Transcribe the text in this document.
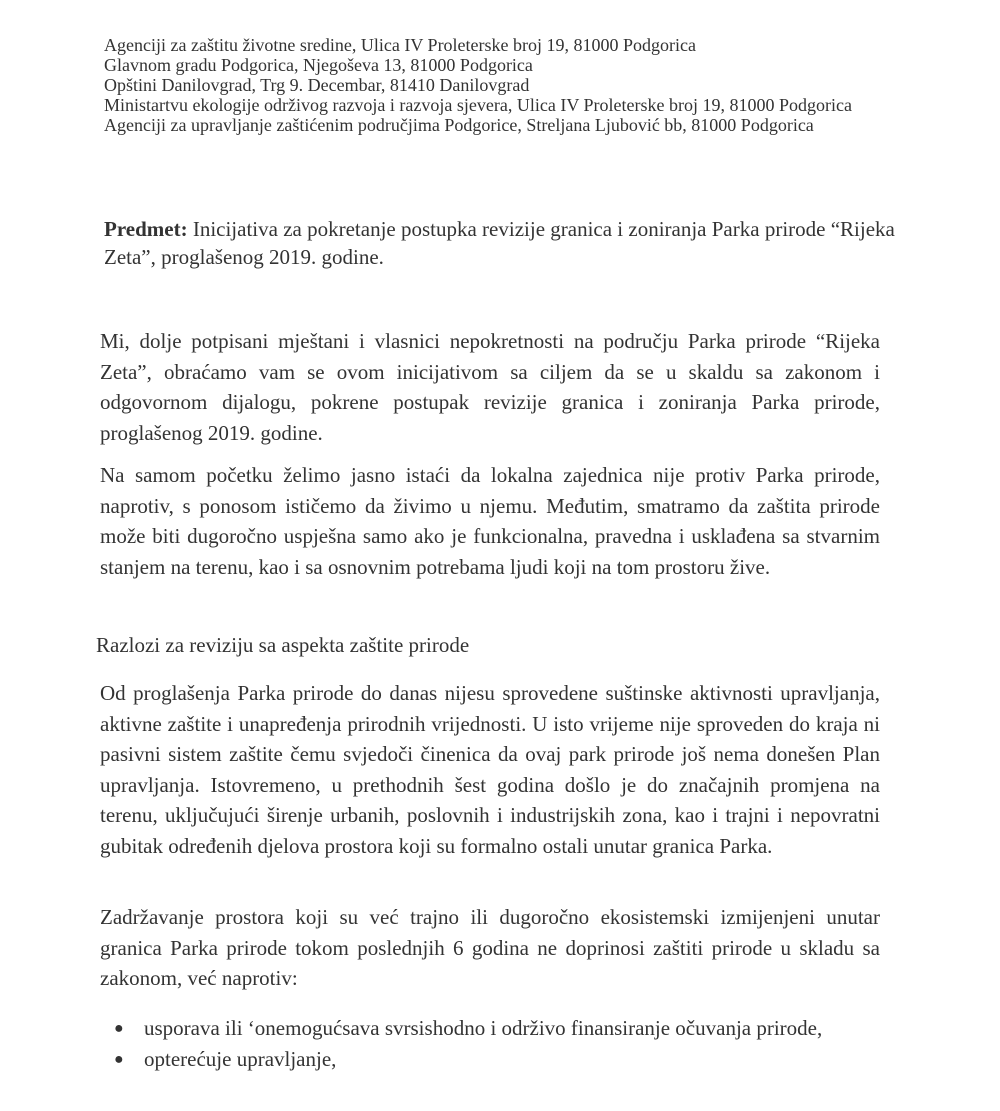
Agenciji za zaštitu životne sredine, Ulica IV Proleterske broj 19, 81000 Podgorica

Glavnom gradu Podgorica, Njegoševa 13, 81000 Podgorica

Opštini Danilovgrad, Trg 9. Decembar, 81410 Danilovgrad

Ministartvu ekologije održivog razvoja i razvoja sjevera, Ulica IV Proleterske broj 19, 81000 Podgorica

Agenciji za upravljanje zaštićenim područjima Podgorice, Streljana Ljubović bb, 81000 Podgorica

Predmet: Inicijativa za pokretanje postupka revizije granica i zoniranja Parka prirode “Rijeka Zeta”, proglašenog 2019. godine.

Mi, dolje potpisani mještani i vlasnici nepokretnosti na području Parka prirode “Rijeka Zeta”, obraćamo vam se ovom inicijativom sa ciljem da se u skaldu sa zakonom i odgovornom dijalogu, pokrene postupak revizije granica i zoniranja Parka prirode, proglašenog 2019. godine.

Na samom početku želimo jasno istaći da lokalna zajednica nije protiv Parka prirode, naprotiv, s ponosom ističemo da živimo u njemu. Međutim, smatramo da zaštita prirode može biti dugoročno uspješna samo ako je funkcionalna, pravedna i usklađena sa stvarnim stanjem na terenu, kao i sa osnovnim potrebama ljudi koji na tom prostoru žive.

Razlozi za reviziju sa aspekta zaštite prirode

Od proglašenja Parka prirode do danas nijesu sprovedene suštinske aktivnosti upravljanja, aktivne zaštite i unapređenja prirodnih vrijednosti. U isto vrijeme nije sproveden do kraja ni pasivni sistem zaštite čemu svjedoči činenica da ovaj park prirode još nema donešen Plan upravljanja. Istovremeno, u prethodnih šest godina došlo je do značajnih promjena na terenu, uključujući širenje urbanih, poslovnih i industrijskih zona, kao i trajni i nepovratni gubitak određenih djelova prostora koji su formalno ostali unutar granica Parka.

Zadržavanje prostora koji su već trajno ili dugoročno ekosistemski izmijenjeni unutar granica Parka prirode tokom poslednjih 6 godina ne doprinosi zaštiti prirode u skladu sa zakonom, već naprotiv:

● usporava ili ‘onemogućsava svrsishodno i održivo finansiranje očuvanja prirode,
● opterećuje upravljanje,
